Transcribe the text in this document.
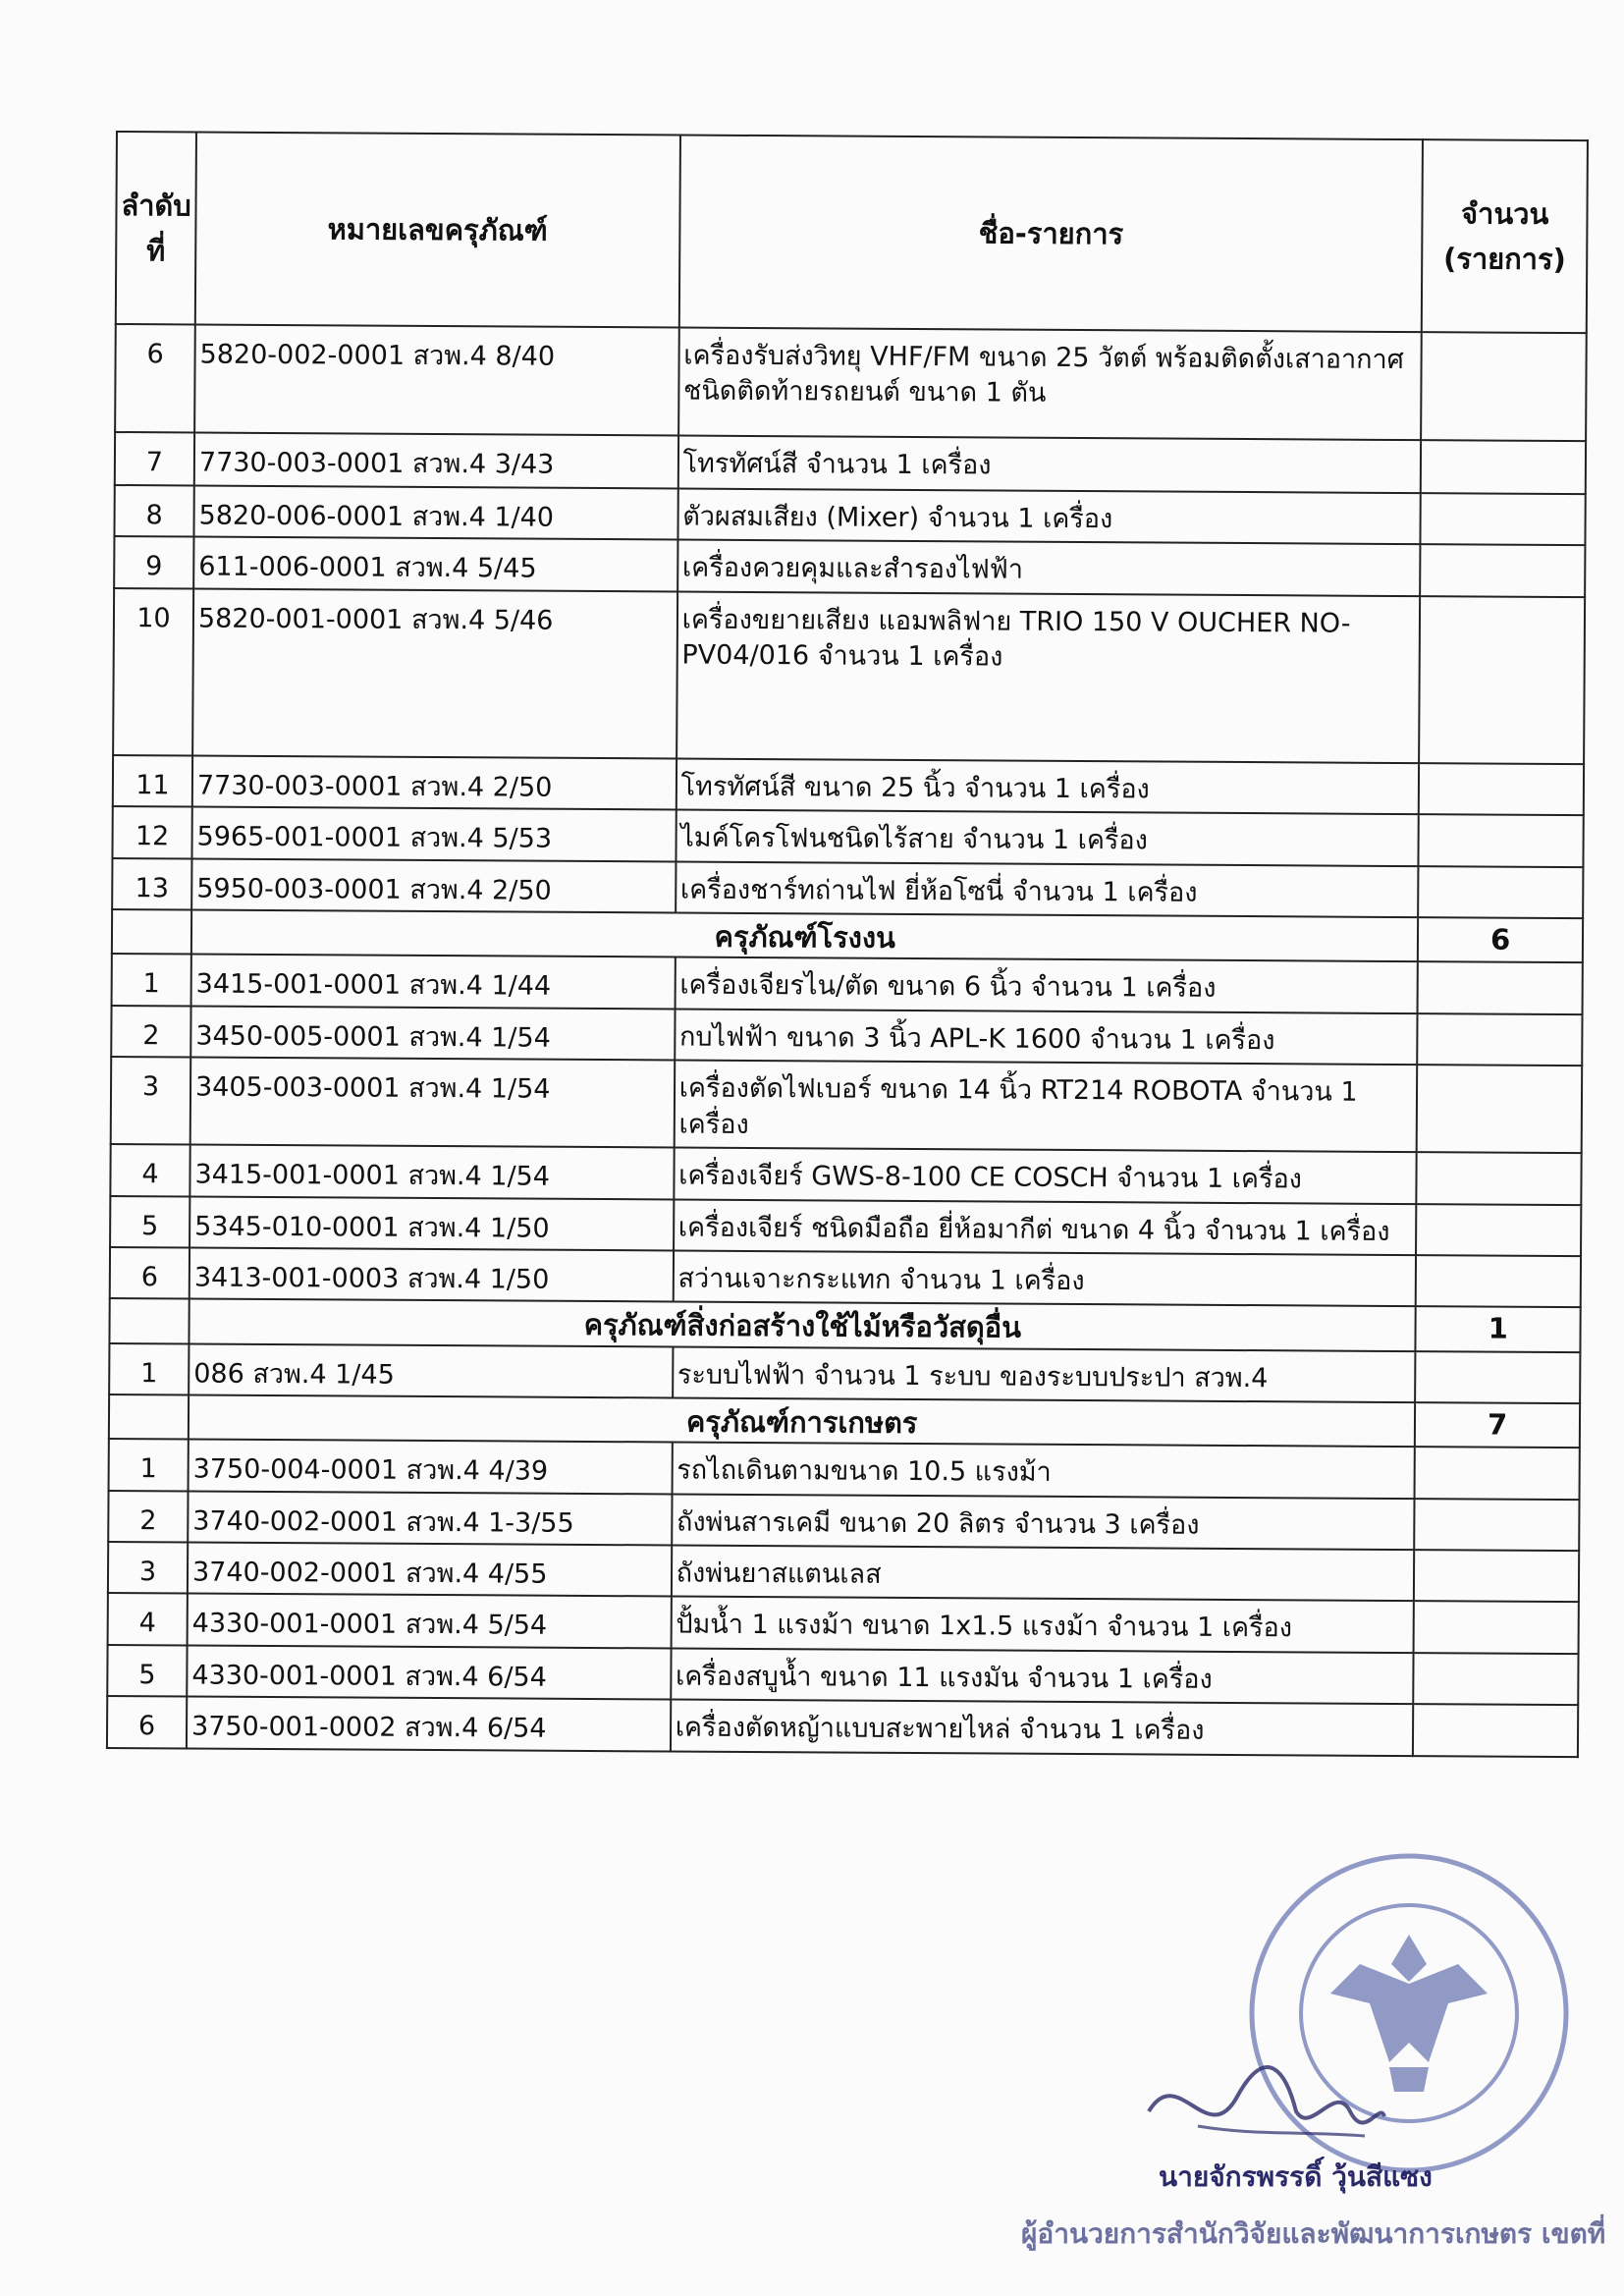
ลำดับที่	หมายเลขครุภัณฑ์	ชื่อ-รายการ	จำนวน (รายการ)
6	5820-002-0001 สวพ.4 8/40	เครื่องรับส่งวิทยุ VHF/FM ขนาด 25 วัตต์ พร้อมติดตั้งเสาอากาศ ชนิดติดท้ายรถยนต์ ขนาด 1 ตัน	
7	7730-003-0001 สวพ.4 3/43	โทรทัศน์สี จำนวน 1 เครื่อง	
8	5820-006-0001 สวพ.4 1/40	ตัวผสมเสียง (Mixer) จำนวน 1 เครื่อง	
9	611-006-0001 สวพ.4 5/45	เครื่องควยคุมและสำรองไฟฟ้า	
10	5820-001-0001 สวพ.4 5/46	เครื่องขยายเสียง แอมพลิฟาย TRIO 150 V OUCHER NO-PV04/016 จำนวน 1 เครื่อง	
11	7730-003-0001 สวพ.4 2/50	โทรทัศน์สี ขนาด 25 นิ้ว จำนวน 1 เครื่อง	
12	5965-001-0001 สวพ.4 5/53	ไมค์โครโฟนชนิดไร้สาย จำนวน 1 เครื่อง	
13	5950-003-0001 สวพ.4 2/50	เครื่องชาร์ทถ่านไฟ ยี่ห้อโซนี่ จำนวน 1 เครื่อง	
	ครุภัณฑ์โรงงน		6
1	3415-001-0001 สวพ.4 1/44	เครื่องเจียรไน/ตัด ขนาด 6 นิ้ว จำนวน 1 เครื่อง	
2	3450-005-0001 สวพ.4 1/54	กบไฟฟ้า ขนาด 3 นิ้ว APL-K 1600 จำนวน 1 เครื่อง	
3	3405-003-0001 สวพ.4 1/54	เครื่องตัดไฟเบอร์ ขนาด 14 นิ้ว RT214 ROBOTA จำนวน 1 เครื่อง	
4	3415-001-0001 สวพ.4 1/54	เครื่องเจียร์ GWS-8-100 CE COSCH จำนวน 1 เครื่อง	
5	5345-010-0001 สวพ.4 1/50	เครื่องเจียร์ ชนิดมือถือ ยี่ห้อมากีต่ ขนาด 4 นิ้ว จำนวน 1 เครื่อง	
6	3413-001-0003 สวพ.4 1/50	สว่านเจาะกระแทก จำนวน 1 เครื่อง	
	ครุภัณฑ์สิ่งก่อสร้างใช้ไม้หรือวัสดุอื่น		1
1	086 สวพ.4 1/45	ระบบไฟฟ้า จำนวน 1 ระบบ ของระบบประปา สวพ.4	
	ครุภัณฑ์การเกษตร		7
1	3750-004-0001 สวพ.4 4/39	รถไถเดินตามขนาด 10.5 แรงม้า	
2	3740-002-0001 สวพ.4 1-3/55	ถังพ่นสารเคมี ขนาด 20 ลิตร จำนวน 3 เครื่อง	
3	3740-002-0001 สวพ.4 4/55	ถังพ่นยาสแตนเลส	
4	4330-001-0001 สวพ.4 5/54	ปั้มน้ำ 1 แรงม้า ขนาด 1x1.5 แรงม้า จำนวน 1 เครื่อง	
5	4330-001-0001 สวพ.4 6/54	เครื่องสบูน้ำ ขนาด 11 แรงมัน จำนวน 1 เครื่อง	
6	3750-001-0002 สวพ.4 6/54	เครื่องตัดหญ้าแบบสะพายไหล่ จำนวน 1 เครื่อง	
นายจักรพรรดิ์ วุ้นสีแซง
ผู้อำนวยการสำนักวิจัยและพัฒนาการเกษตร เขตที่
